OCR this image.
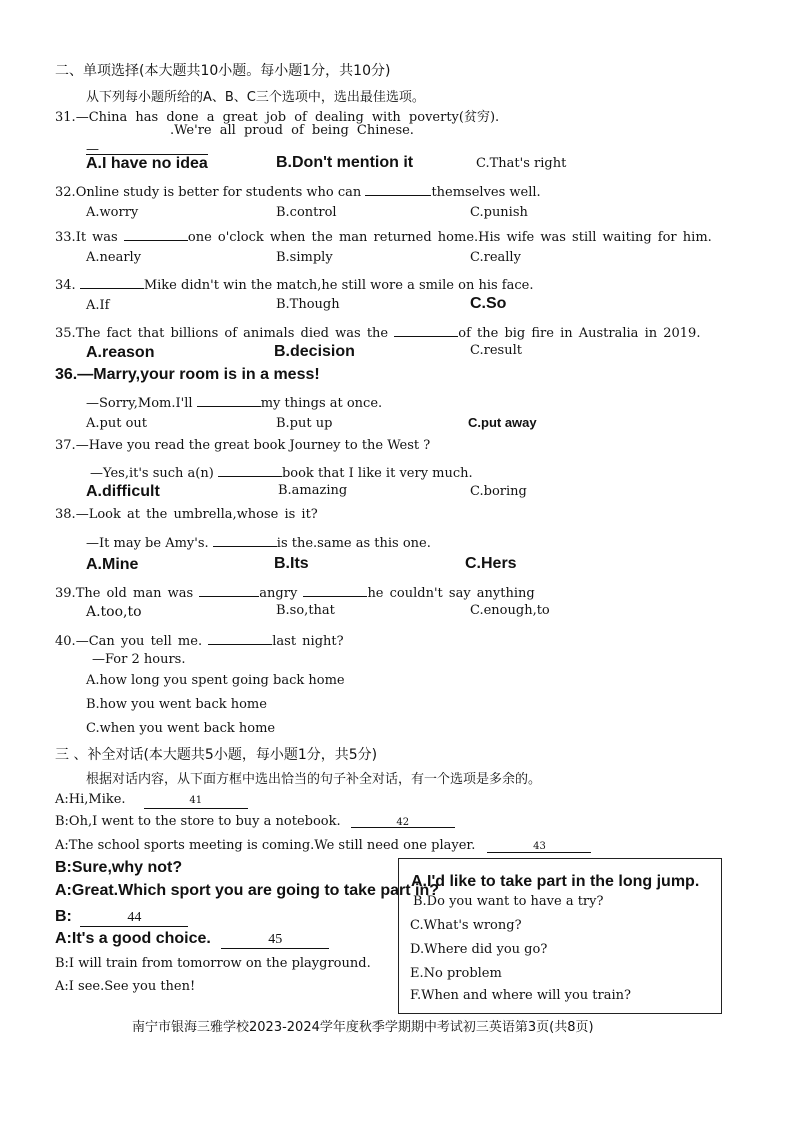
二、单项选择(本大题共10小题。每小题1分，共10分)
从下列每小题所给的A、B、C三个选项中，选出最佳选项。
31.—China has done a great job of dealing with poverty(贫穷).
.We're all proud of being Chinese.
—
A.I have no idea	B.Don't mention it	C.That's right
32.Online study is better for students who can	themselves well.
A.worry	B.control	C.punish
33.It was	one o'clock when the man returned home.His wife was still waiting for him.
A.nearly	B.simply	C.really
34.	Mike didn't win the match,he still wore a smile on his face.
A.If	B.Though	C.So
35.The fact that billions of animals died was the	of the big fire in Australia in 2019.
A.reason	B.decision	C.result
36.—Marry,your room is in a mess!
—Sorry,Mom.I'll	my things at once.
A.put out	B.put up	C.put away
37.—Have you read the great book Journey to the West ?
—Yes,it's such a(n)	book that I like it very much.
A.difficult	B.amazing	C.boring
38.—Look at the umbrella,whose is it?
—It may be Amy's.	is the.same as this one.
A.Mine	B.Its	C.Hers
39.The old man was	angry	he couldn't say anything
A.too,to	B.so,that	C.enough,to
40.—Can you tell me.	last night?
—For 2 hours.
A.how long you spent going back home
B.how you went back home
C.when you went back home
三 、补全对话(本大题共5小题，每小题1分，共5分)
根据对话内容，从下面方框中选出恰当的句子补全对话，有一个选项是多余的。
A:Hi,Mike.	41
B:Oh,I went to the store to buy a notebook.	42
A:The school sports meeting is coming.We still need one player.	43
B:Sure,why not?
A:Great.Which sport you are going to take part in?
B:	44
A:It's a good choice.	45
B:I will train from tomorrow on the playground.
A:I see.See you then!
A.I'd like to take part in the long jump.
B.Do you want to have a try?
C.What's wrong?
D.Where did you go?
E.No problem
F.When and where will you train?
南宁市银海三雅学校2023-2024学年度秋季学期期中考试初三英语第3页(共8页)
